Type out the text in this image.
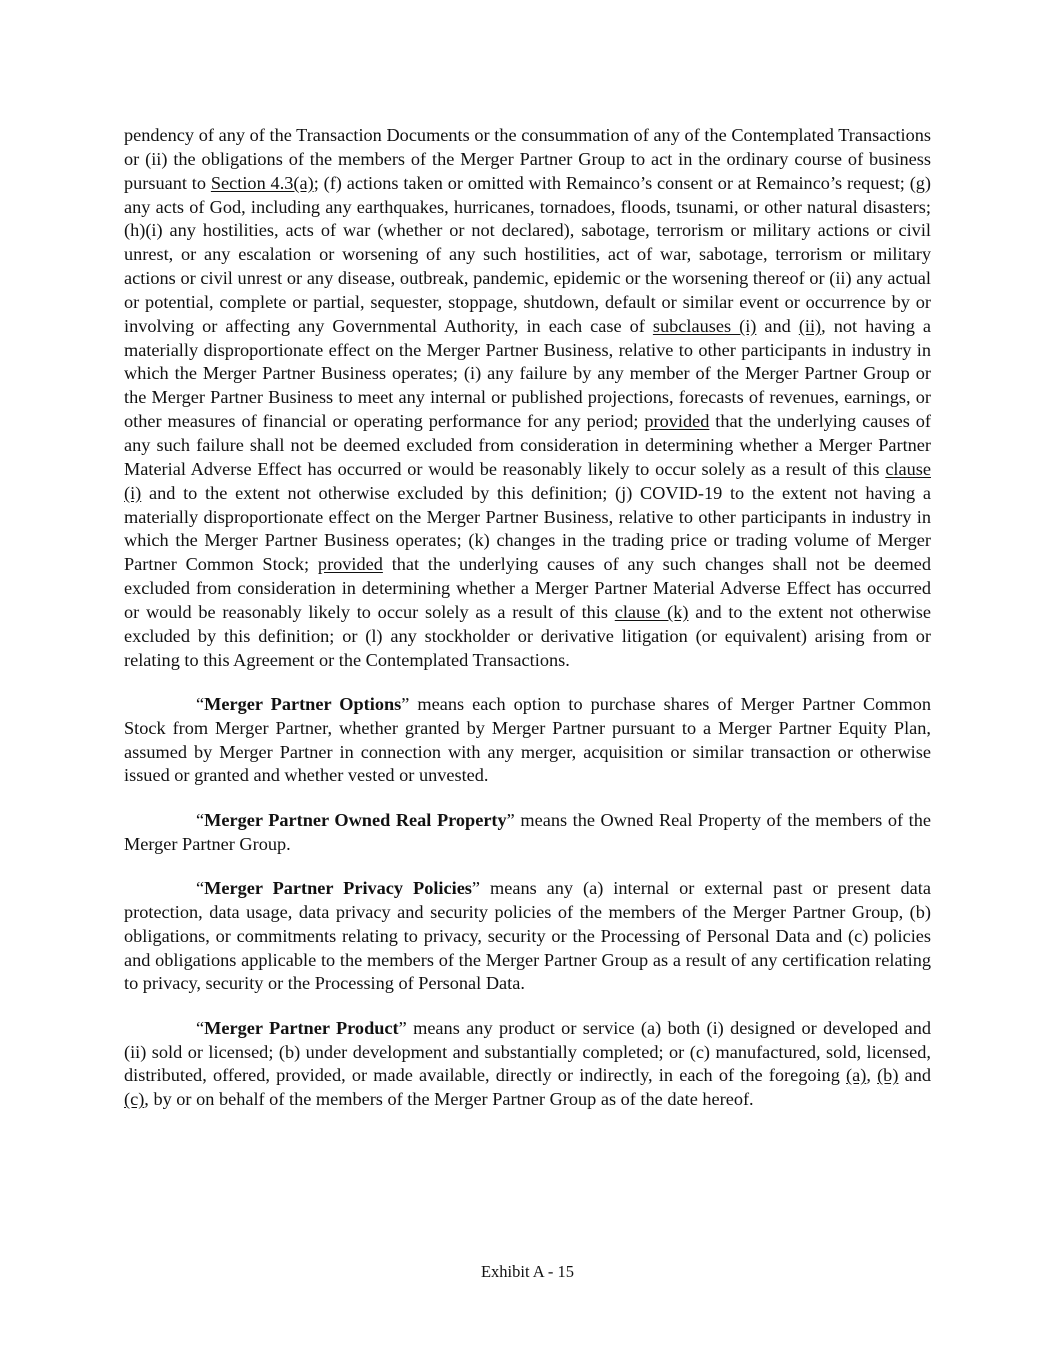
pendency of any of the Transaction Documents or the consummation of any of the Contemplated Transactions or (ii) the obligations of the members of the Merger Partner Group to act in the ordinary course of business pursuant to Section 4.3(a); (f) actions taken or omitted with Remainco’s consent or at Remainco’s request; (g) any acts of God, including any earthquakes, hurricanes, tornadoes, floods, tsunami, or other natural disasters; (h)(i) any hostilities, acts of war (whether or not declared), sabotage, terrorism or military actions or civil unrest, or any escalation or worsening of any such hostilities, act of war, sabotage, terrorism or military actions or civil unrest or any disease, outbreak, pandemic, epidemic or the worsening thereof or (ii) any actual or potential, complete or partial, sequester, stoppage, shutdown, default or similar event or occurrence by or involving or affecting any Governmental Authority, in each case of subclauses (i) and (ii), not having a materially disproportionate effect on the Merger Partner Business, relative to other participants in industry in which the Merger Partner Business operates; (i) any failure by any member of the Merger Partner Group or the Merger Partner Business to meet any internal or published projections, forecasts of revenues, earnings, or other measures of financial or operating performance for any period; provided that the underlying causes of any such failure shall not be deemed excluded from consideration in determining whether a Merger Partner Material Adverse Effect has occurred or would be reasonably likely to occur solely as a result of this clause (i) and to the extent not otherwise excluded by this definition; (j) COVID-19 to the extent not having a materially disproportionate effect on the Merger Partner Business, relative to other participants in industry in which the Merger Partner Business operates; (k) changes in the trading price or trading volume of Merger Partner Common Stock; provided that the underlying causes of any such changes shall not be deemed excluded from consideration in determining whether a Merger Partner Material Adverse Effect has occurred or would be reasonably likely to occur solely as a result of this clause (k) and to the extent not otherwise excluded by this definition; or (l) any stockholder or derivative litigation (or equivalent) arising from or relating to this Agreement or the Contemplated Transactions.

“Merger Partner Options” means each option to purchase shares of Merger Partner Common Stock from Merger Partner, whether granted by Merger Partner pursuant to a Merger Partner Equity Plan, assumed by Merger Partner in connection with any merger, acquisition or similar transaction or otherwise issued or granted and whether vested or unvested.

“Merger Partner Owned Real Property” means the Owned Real Property of the members of the Merger Partner Group.

“Merger Partner Privacy Policies” means any (a) internal or external past or present data protection, data usage, data privacy and security policies of the members of the Merger Partner Group, (b) obligations, or commitments relating to privacy, security or the Processing of Personal Data and (c) policies and obligations applicable to the members of the Merger Partner Group as a result of any certification relating to privacy, security or the Processing of Personal Data.

“Merger Partner Product” means any product or service (a) both (i) designed or developed and (ii) sold or licensed; (b) under development and substantially completed; or (c) manufactured, sold, licensed, distributed, offered, provided, or made available, directly or indirectly, in each of the foregoing (a), (b) and (c), by or on behalf of the members of the Merger Partner Group as of the date hereof.

Exhibit A - 15
